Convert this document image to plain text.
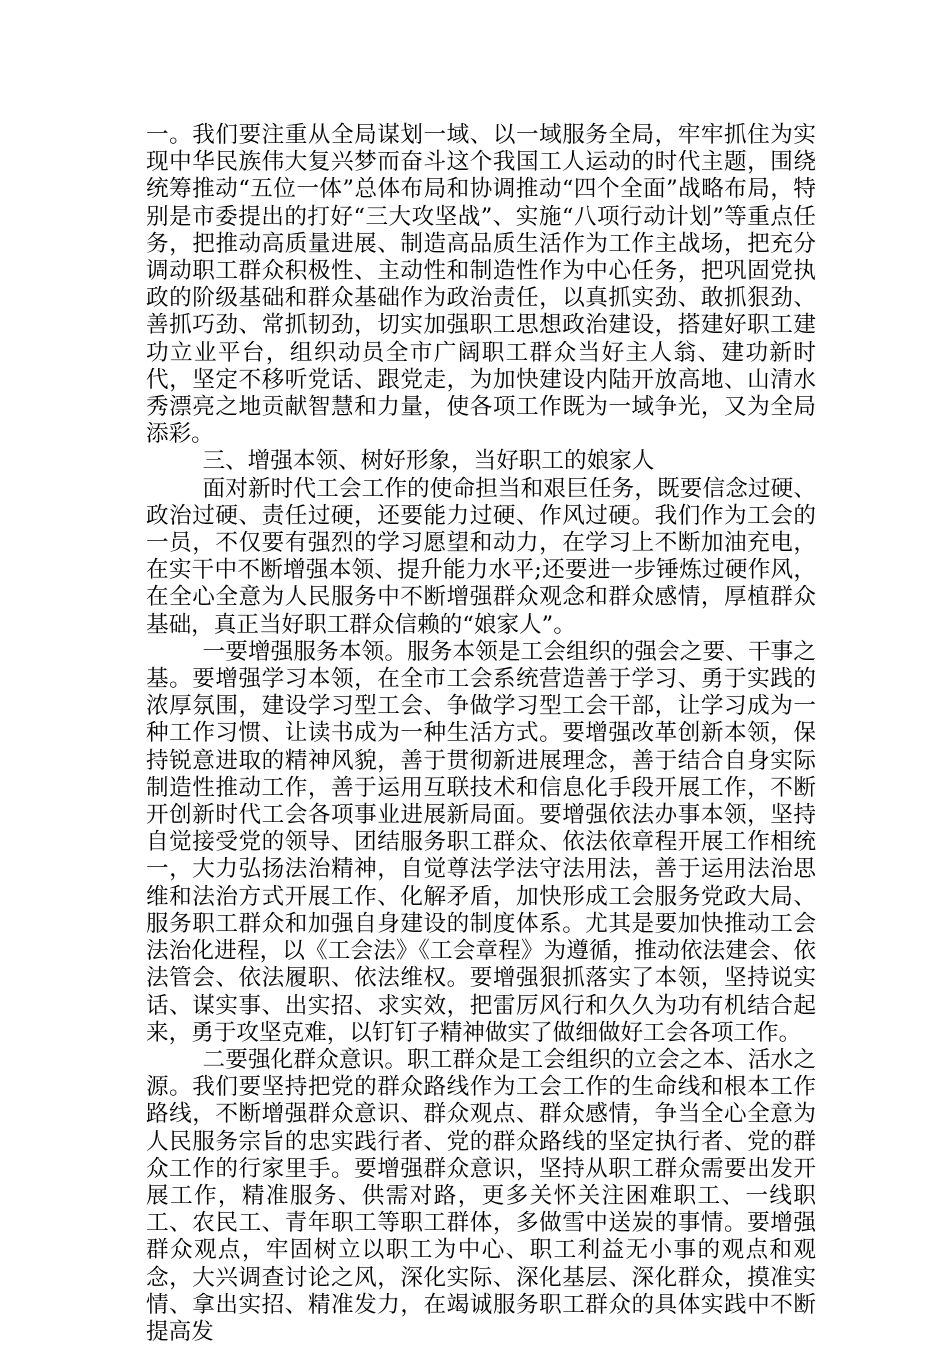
一。我们要注重从全局谋划一域、以一域服务全局，牢牢抓住为实现中华民族伟大复兴梦而奋斗这个我国工人运动的时代主题，围绕统筹推动“五位一体”总体布局和协调推动“四个全面”战略布局，特别是市委提出的打好“三大攻坚战”、实施“八项行动计划”等重点任务，把推动高质量进展、制造高品质生活作为工作主战场，把充分调动职工群众积极性、主动性和制造性作为中心任务，把巩固党执政的阶级基础和群众基础作为政治责任，以真抓实劲、敢抓狠劲、善抓巧劲、常抓韧劲，切实加强职工思想政治建设，搭建好职工建功立业平台，组织动员全市广阔职工群众当好主人翁、建功新时代，坚定不移听党话、跟党走，为加快建设内陆开放高地、山清水秀漂亮之地贡献智慧和力量，使各项工作既为一域争光，又为全局添彩。

三、增强本领、树好形象，当好职工的娘家人

面对新时代工会工作的使命担当和艰巨任务，既要信念过硬、政治过硬、责任过硬，还要能力过硬、作风过硬。我们作为工会的一员，不仅要有强烈的学习愿望和动力，在学习上不断加油充电，在实干中不断增强本领、提升能力水平;还要进一步锤炼过硬作风，在全心全意为人民服务中不断增强群众观念和群众感情，厚植群众基础，真正当好职工群众信赖的“娘家人”。

一要增强服务本领。服务本领是工会组织的强会之要、干事之基。要增强学习本领，在全市工会系统营造善于学习、勇于实践的浓厚氛围，建设学习型工会、争做学习型工会干部，让学习成为一种工作习惯、让读书成为一种生活方式。要增强改革创新本领，保持锐意进取的精神风貌，善于贯彻新进展理念，善于结合自身实际制造性推动工作，善于运用互联技术和信息化手段开展工作，不断开创新时代工会各项事业进展新局面。要增强依法办事本领，坚持自觉接受党的领导、团结服务职工群众、依法依章程开展工作相统一，大力弘扬法治精神，自觉尊法学法守法用法，善于运用法治思维和法治方式开展工作、化解矛盾，加快形成工会服务党政大局、服务职工群众和加强自身建设的制度体系。尤其是要加快推动工会法治化进程，以《工会法》《工会章程》为遵循，推动依法建会、依法管会、依法履职、依法维权。要增强狠抓落实了本领，坚持说实话、谋实事、出实招、求实效，把雷厉风行和久久为功有机结合起来，勇于攻坚克难，以钉钉子精神做实了做细做好工会各项工作。

二要强化群众意识。职工群众是工会组织的立会之本、活水之源。我们要坚持把党的群众路线作为工会工作的生命线和根本工作路线，不断增强群众意识、群众观点、群众感情，争当全心全意为人民服务宗旨的忠实践行者、党的群众路线的坚定执行者、党的群众工作的行家里手。要增强群众意识，坚持从职工群众需要出发开展工作，精准服务、供需对路，更多关怀关注困难职工、一线职工、农民工、青年职工等职工群体，多做雪中送炭的事情。要增强群众观点，牢固树立以职工为中心、职工利益无小事的观点和观念，大兴调查讨论之风，深化实际、深化基层、深化群众，摸准实情、拿出实招、精准发力，在竭诚服务职工群众的具体实践中不断提高发
